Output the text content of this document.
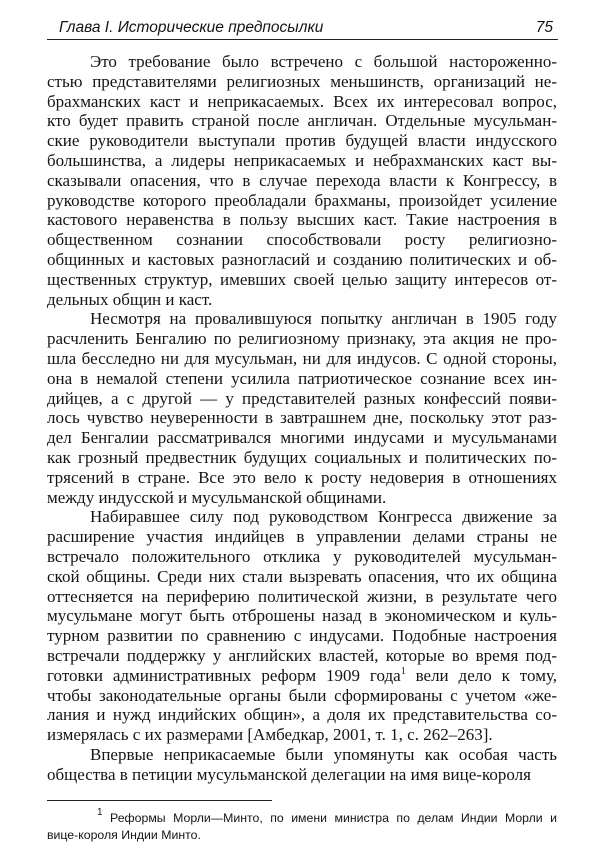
Глава I. Исторические предпосылки	75
Это требование было встречено с большой настороженно-
стью представителями религиозных меньшинств, организаций не-
брахманских каст и неприкасаемых. Всех их интересовал вопрос,
кто будет править страной после англичан. Отдельные мусульман-
ские руководители выступали против будущей власти индусского
большинства, а лидеры неприкасаемых и небрахманских каст вы-
сказывали опасения, что в случае перехода власти к Конгрессу, в
руководстве которого преобладали брахманы, произойдет усиление
кастового неравенства в пользу высших каст. Такие настроения в
общественном сознании способствовали росту религиозно-
общинных и кастовых разногласий и созданию политических и об-
щественных структур, имевших своей целью защиту интересов от-
дельных общин и каст.
Несмотря на провалившуюся попытку англичан в 1905 году
расчленить Бенгалию по религиозному признаку, эта акция не про-
шла бесследно ни для мусульман, ни для индусов. С одной стороны,
она в немалой степени усилила патриотическое сознание всех ин-
дийцев, а с другой — у представителей разных конфессий появи-
лось чувство неуверенности в завтрашнем дне, поскольку этот раз-
дел Бенгалии рассматривался многими индусами и мусульманами
как грозный предвестник будущих социальных и политических по-
трясений в стране. Все это вело к росту недоверия в отношениях
между индусской и мусульманской общинами.
Набиравшее силу под руководством Конгресса движение за
расширение участия индийцев в управлении делами страны не
встречало положительного отклика у руководителей мусульман-
ской общины. Среди них стали вызревать опасения, что их община
оттесняется на периферию политической жизни, в результате чего
мусульмане могут быть отброшены назад в экономическом и куль-
турном развитии по сравнению с индусами. Подобные настроения
встречали поддержку у английских властей, которые во время под-
готовки административных реформ 1909 года$^1$ вели дело к тому,
чтобы законодательные органы были сформированы с учетом «же-
лания и нужд индийских общин», а доля их представительства со-
измерялась с их размерами [Амбедкар, 2001, т. 1, с. 262–263].
Впервые неприкасаемые были упомянуты как особая часть
общества в петиции мусульманской делегации на имя вице-короля
$^1$ Реформы Морли—Минто, по имени министра по делам Индии Морли и
вице-короля Индии Минто.
